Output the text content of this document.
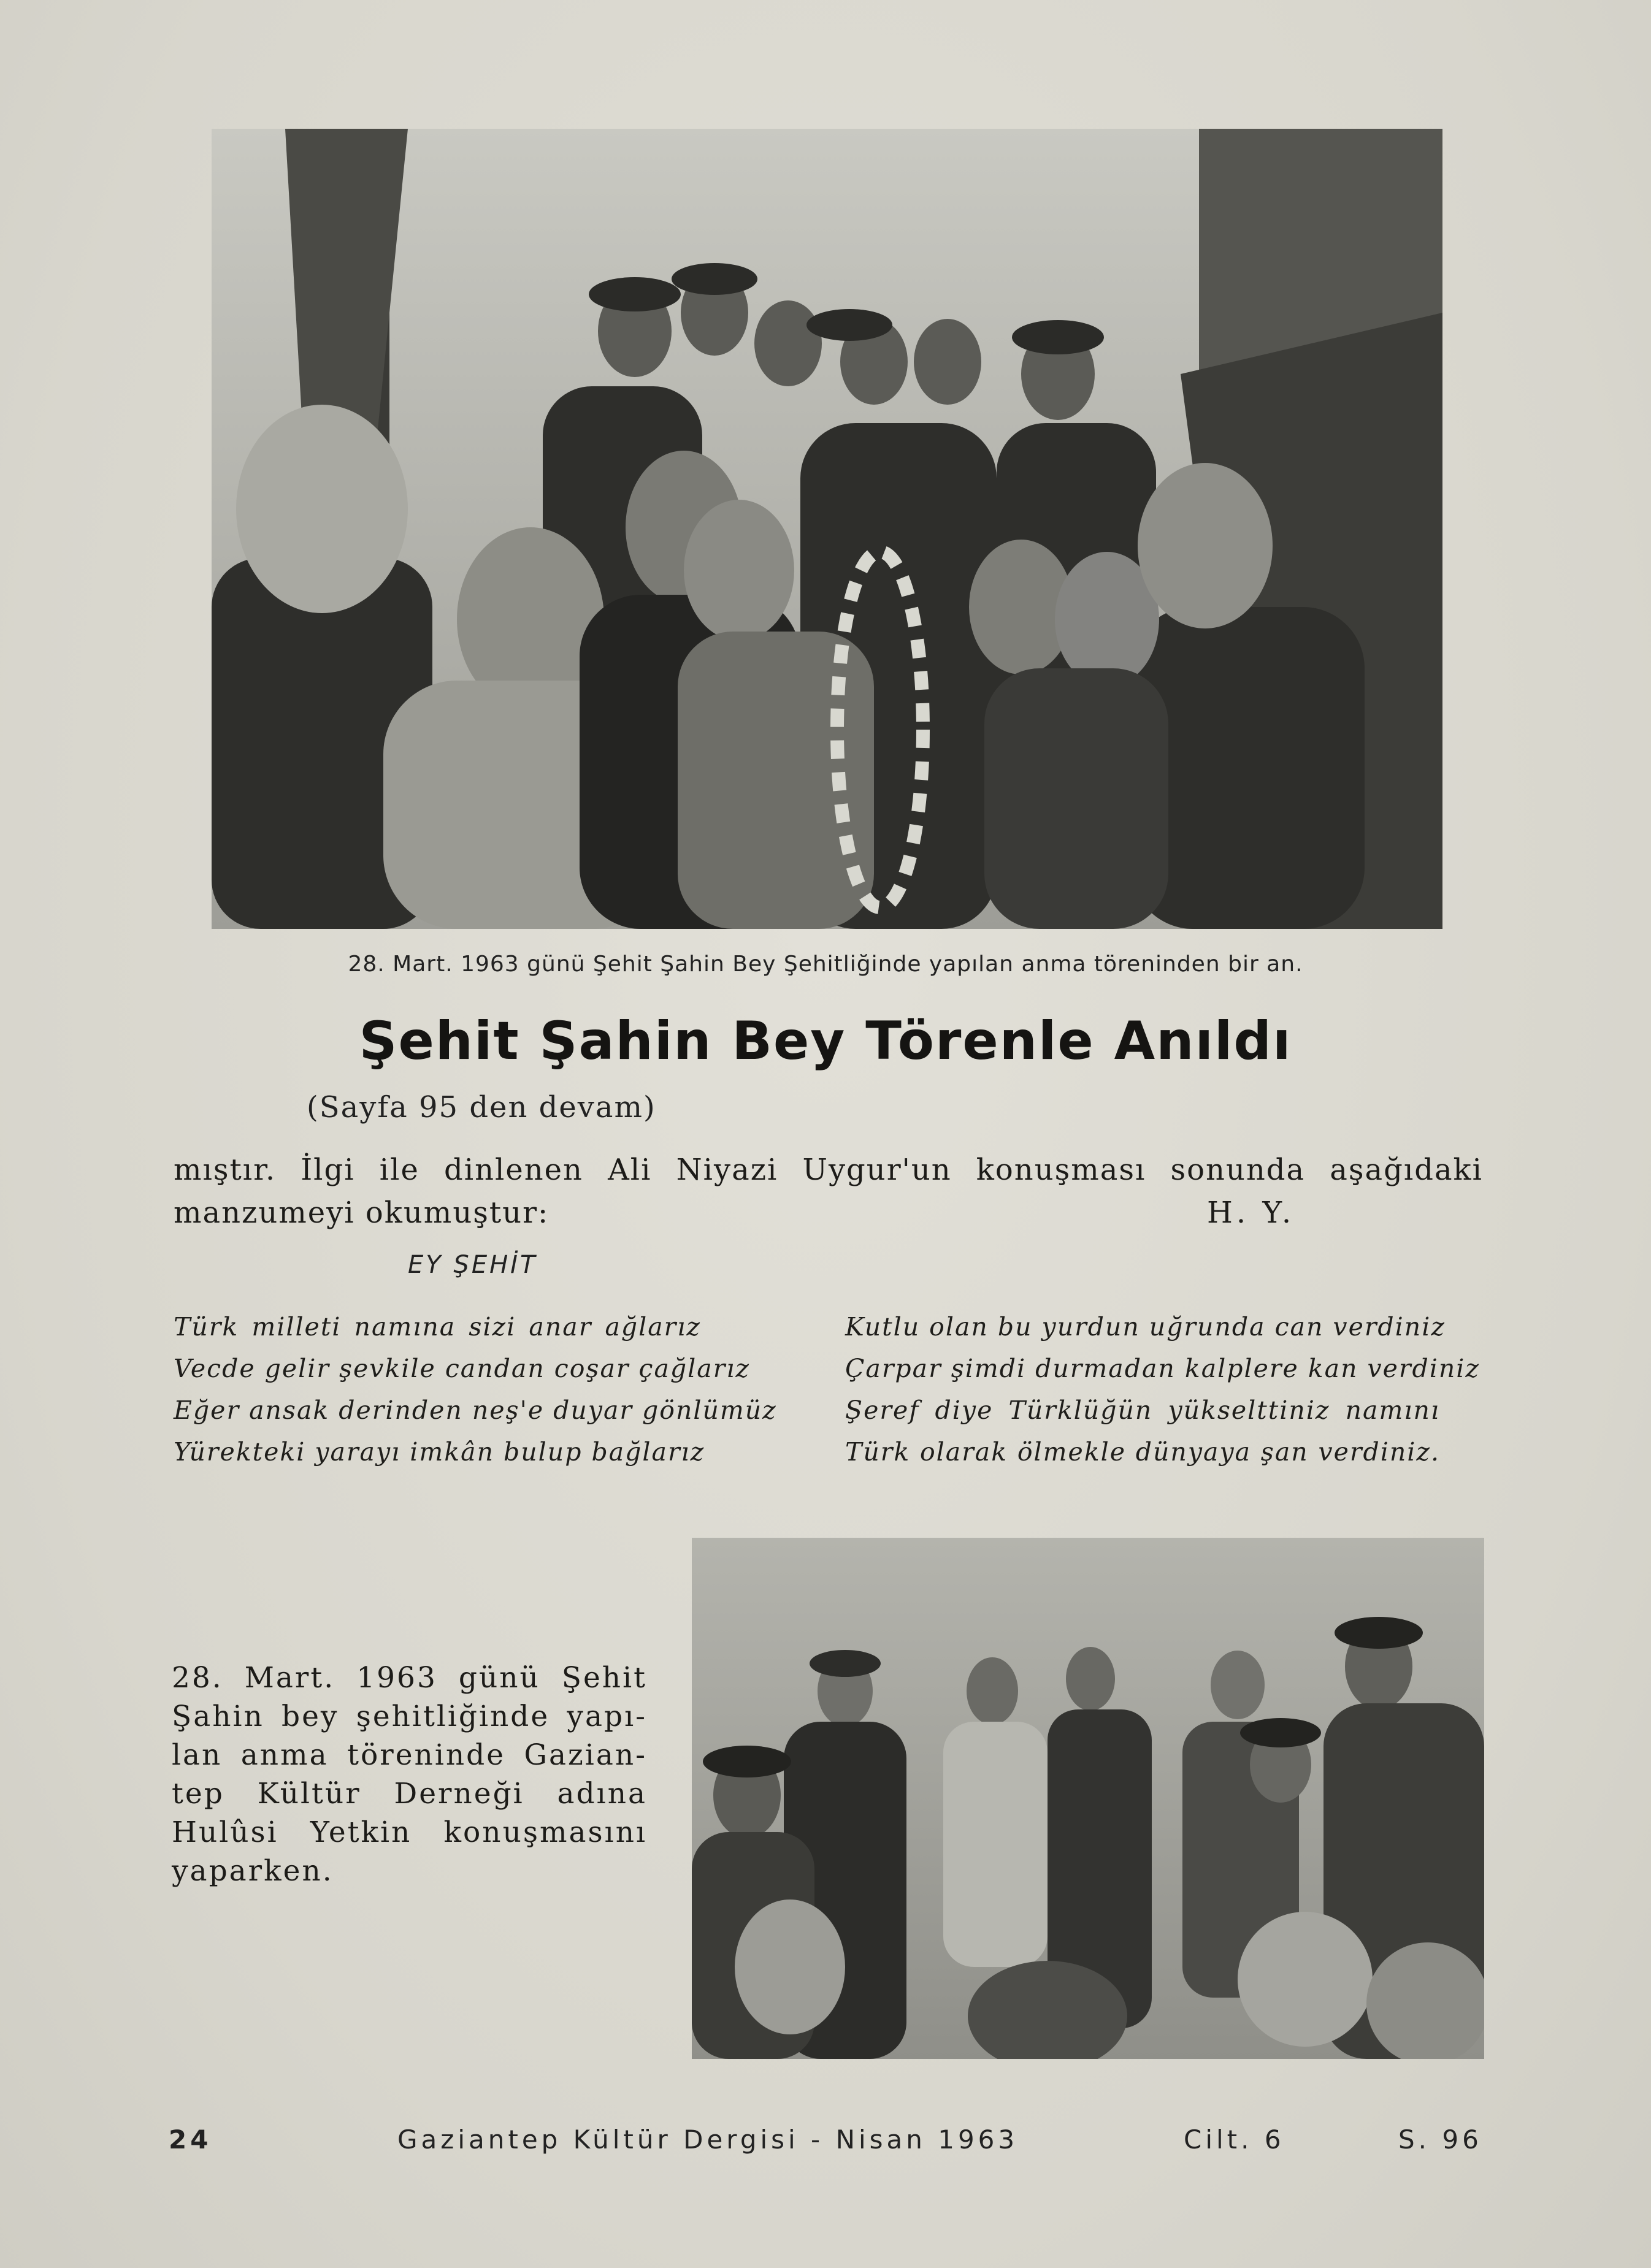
28. Mart. 1963 günü Şehit Şahin Bey Şehitliğinde yapılan anma töreninden bir an.
Şehit Şahin Bey Törenle Anıldı
(Sayfa 95 den devam)
mıştır. İlgi ile dinlenen Ali Niyazi Uygur'un konuşması sonunda aşağıdaki
manzumeyi okumuştur:	H. Y.
EY ŞEHİT
Türk milleti namına sizi anar ağlarız
Vecde gelir şevkile candan coşar çağlarız
Eğer ansak derinden neş'e duyar gönlümüz
Yürekteki yarayı imkân bulup bağlarız
Kutlu olan bu yurdun uğrunda can verdiniz
Çarpar şimdi durmadan kalplere kan verdiniz
Şeref diye Türklüğün yükselttiniz namını
Türk olarak ölmekle dünyaya şan verdiniz.
28. Mart. 1963 günü Şehit
Şahin bey şehitliğinde yapı-
lan anma töreninde Gazian-
tep Kültür Derneği adına
Hulûsi Yetkin konuşmasını
yaparken.
24	Gaziantep Kültür Dergisi - Nisan 1963	Cilt. 6	S. 96
